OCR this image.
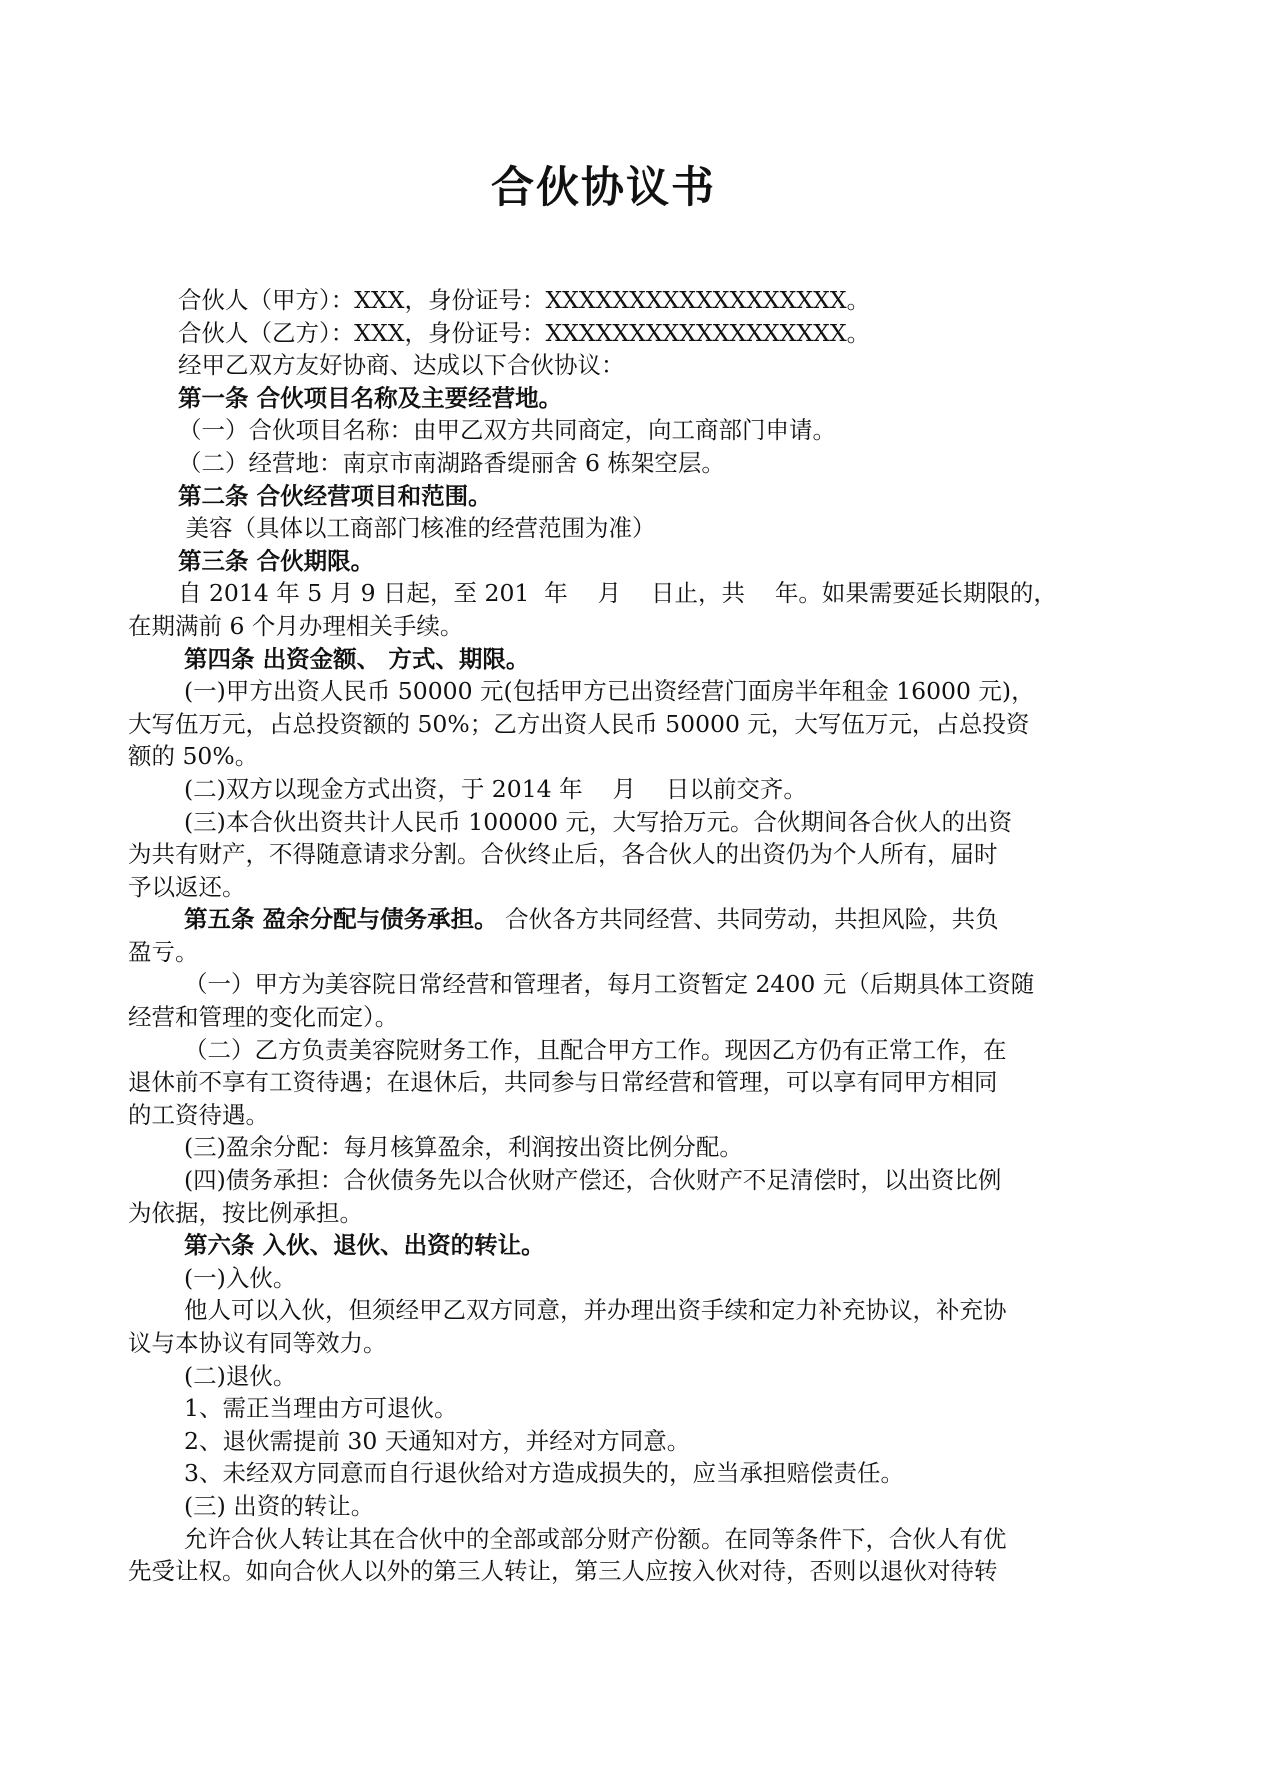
合伙协议书
合伙人（甲方）：XXX，身份证号：XXXXXXXXXXXXXXXXXX。
合伙人（乙方）：XXX，身份证号：XXXXXXXXXXXXXXXXXX。
经甲乙双方友好协商、达成以下合伙协议：
第一条 合伙项目名称及主要经营地。
（一）合伙项目名称：由甲乙双方共同商定，向工商部门申请。
（二）经营地：南京市南湖路香缇丽舍 6 栋架空层。
第二条 合伙经营项目和范围。
美容（具体以工商部门核准的经营范围为准）
第三条 合伙期限。
自 2014 年 5 月 9 日起，至 201  年    月    日止，共    年。如果需要延长期限的，
在期满前 6 个月办理相关手续。
第四条 出资金额、 方式、期限。
(一)甲方出资人民币 50000 元(包括甲方已出资经营门面房半年租金 16000 元)，
大写伍万元，占总投资额的 50%；乙方出资人民币 50000 元，大写伍万元，占总投资
额的 50%。
(二)双方以现金方式出资，于 2014 年    月    日以前交齐。
(三)本合伙出资共计人民币 100000 元，大写拾万元。合伙期间各合伙人的出资
为共有财产，不得随意请求分割。合伙终止后，各合伙人的出资仍为个人所有，届时
予以返还。
第五条 盈余分配与债务承担。 合伙各方共同经营、共同劳动，共担风险，共负
盈亏。
（一）甲方为美容院日常经营和管理者，每月工资暂定 2400 元（后期具体工资随
经营和管理的变化而定）。
（二）乙方负责美容院财务工作，且配合甲方工作。现因乙方仍有正常工作，在
退休前不享有工资待遇；在退休后，共同参与日常经营和管理，可以享有同甲方相同
的工资待遇。
(三)盈余分配：每月核算盈余，利润按出资比例分配。
(四)债务承担：合伙债务先以合伙财产偿还，合伙财产不足清偿时，以出资比例
为依据，按比例承担。
第六条 入伙、退伙、出资的转让。
(一)入伙。
他人可以入伙，但须经甲乙双方同意，并办理出资手续和定力补充协议，补充协
议与本协议有同等效力。
(二)退伙。
1、需正当理由方可退伙。
2、退伙需提前 30 天通知对方，并经对方同意。
3、未经双方同意而自行退伙给对方造成损失的，应当承担赔偿责任。
(三) 出资的转让。
允许合伙人转让其在合伙中的全部或部分财产份额。在同等条件下，合伙人有优
先受让权。如向合伙人以外的第三人转让，第三人应按入伙对待，否则以退伙对待转
